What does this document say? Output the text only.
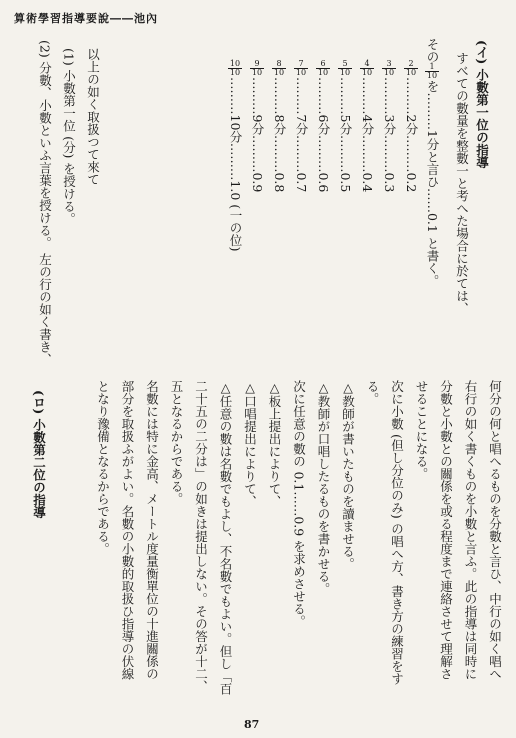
算術學習指導要說――池內
(イ) 小數第一位の指導
すべての數量を整數一と考へた場合に於ては、
その
$\frac{1}{10}$
を………1分と言ひ……0.1 と書く。
$\frac{2}{10}$
………2分………0.2
$\frac{3}{10}$
………3分………0.3
$\frac{4}{10}$
………4分………0.4
$\frac{5}{10}$
………5分………0.5
$\frac{6}{10}$
………6分………0.6
$\frac{7}{10}$
………7分………0.7
$\frac{8}{10}$
………8分………0.8
$\frac{9}{10}$
………9分………0.9
$\frac{10}{10}$
………10分………1.0 (一の位)
以上の如く取扱つて來て
(1) 小數第一位 (分) を授ける。
(2) 分數、小數といふ言葉を授ける。 左の行の如く書き、
何分の何と唱へるものを分數と言ひ、中行の如く唱へ
右行の如く書くものを小數と言ふ。此の指導は同時に
分數と小數との關係を或る程度まで連絡させて理解さ
せることになる。
次に小數 (但し分位のみ) の唱へ方、書き方の練習をす
る。
△教師が書いたものを讀ませる。
△教師が口唱したるものを書かせる。
次に任意の數の 0.1……0.9 を求めさせる。
△板上提出によりて、
△口唱提出によりて、
△任意の數は名數でもよし、不名數でもよい。但し「百
二十五の二分は」の如きは提出しない。その答が十二、
五となるからである。
名數には特に金高、メートル度量衡單位の十進關係の
部分を取扱ふがよい。名數の小數的取扱ひ指導の伏線
となり豫備となるからである。
(ロ) 小數第二位の指導
87
